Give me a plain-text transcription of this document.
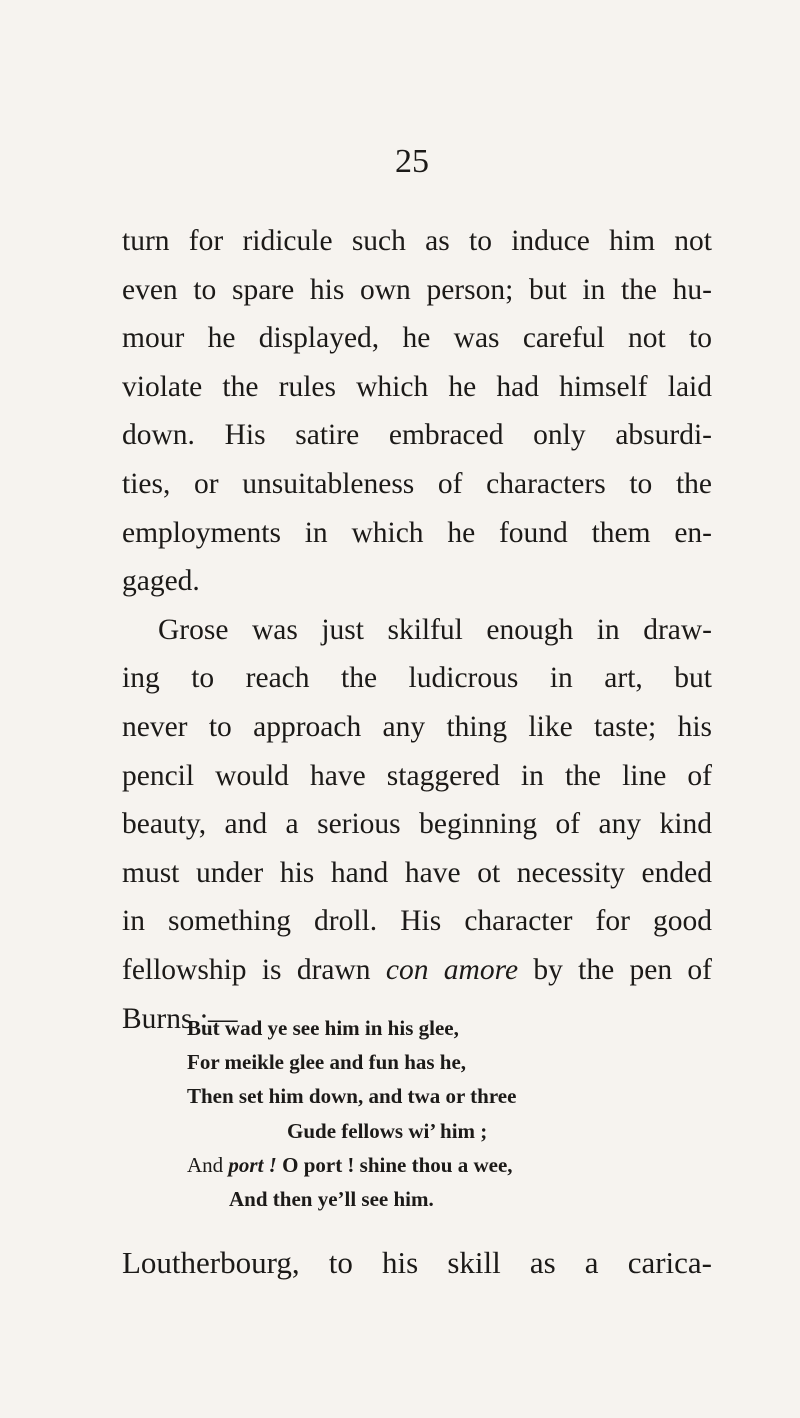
25
turn for ridicule such as to induce him not
even to spare his own person; but in the hu-
mour he displayed, he was careful not to
violate the rules which he had himself laid
down. His satire embraced only absurdi-
ties, or unsuitableness of characters to the
employments in which he found them en-
gaged.
Grose was just skilful enough in draw-
ing to reach the ludicrous in art, but
never to approach any thing like taste; his
pencil would have staggered in the line of
beauty, and a serious beginning of any kind
must under his hand have ot necessity ended
in something droll. His character for good
fellowship is drawn con amore by the pen of
Burns :—
But wad ye see him in his glee,
For meikle glee and fun has he,
Then set him down, and twa or three
Gude fellows wi’ him ;
And port ! O port ! shine thou a wee,
And then ye’ll see him.
Loutherbourg, to his skill as a carica-
